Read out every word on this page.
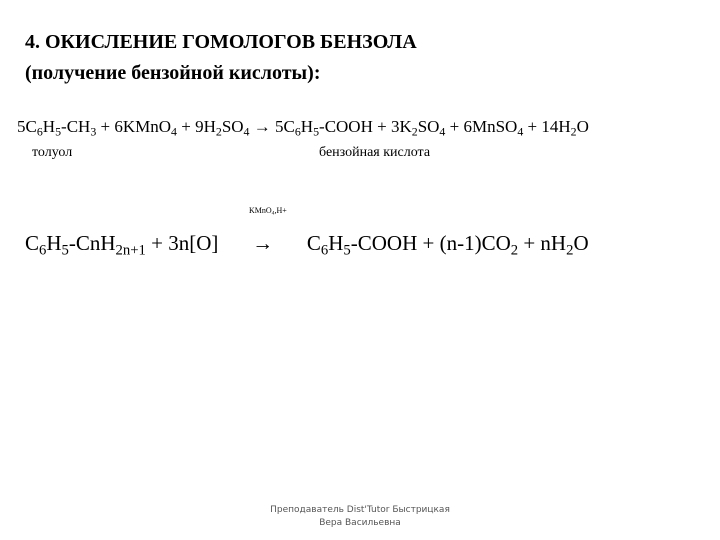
4. ОКИСЛЕНИЕ ГОМОЛОГОВ БЕНЗОЛА
(получение бензойной кислоты):
$5C_6H_5-CH_3$ + 6KMnO$_4$ + $9H_2SO_4$ → $5C_6H_5$-COOH + $3K_2SO_4$ + 6MnSO$_4$ + $14H_2O$
толуол	бензойная кислота
KMnO$_4$,H+
$C_6H_5-CnH_{2n+1} + 3n[O]$ → $C_6H_5$-COOH + $(n-1)CO_2 + nH_2O$
Преподаватель Dist'Tutor Быстрицкая
Вера Васильевна
